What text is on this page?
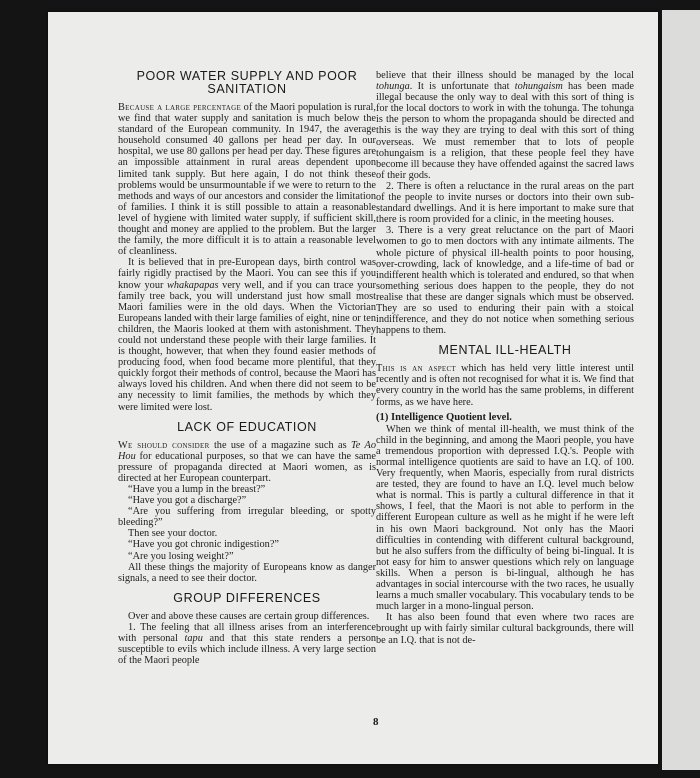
POOR WATER SUPPLY AND POOR SANITATION

Because a large percentage of the Maori population is rural, we find that water supply and sanitation is much below the standard of the European community. In 1947, the average household consumed 40 gallons per head per day. In our hospital, we use 80 gallons per head per day. These figures are an impossible attainment in rural areas dependent upon limited tank supply. But here again, I do not think these problems would be unsurmountable if we were to return to the methods and ways of our ancestors and consider the limitation of families. I think it is still possible to attain a reasonable level of hygiene with limited water supply, if sufficient skill, thought and money are applied to the problem. But the larger the family, the more difficult it is to attain a reasonable level of cleanliness.

It is believed that in pre-European days, birth control was fairly rigidly practised by the Maori. You can see this if you know your whakapapas very well, and if you can trace your family tree back, you will understand just how small most Maori families were in the old days. When the Victorian Europeans landed with their large families of eight, nine or ten children, the Maoris looked at them with astonishment. They could not understand these people with their large families. It is thought, however, that when they found easier methods of producing food, when food became more plentiful, that they quickly forgot their methods of control, because the Maori has always loved his children. And when there did not seem to be any necessity to limit families, the methods by which they were limited were lost.

LACK OF EDUCATION

We should consider the use of a magazine such as Te Ao Hou for educational purposes, so that we can have the same pressure of propaganda directed at Maori women, as is directed at her European counterpart.

“Have you a lump in the breast?”

“Have you got a discharge?”

“Are you suffering from irregular bleeding, or spotty bleeding?”

Then see your doctor.

“Have you got chronic indigestion?”

“Are you losing weight?”

All these things the majority of Europeans know as danger signals, a need to see their doctor.

GROUP DIFFERENCES

Over and above these causes are certain group differences.

1. The feeling that all illness arises from an interference with personal tapu and that this state renders a person susceptible to evils which include illness. A very large section of the Maori people

believe that their illness should be managed by the local tohunga. It is unfortunate that tohungaism has been made illegal because the only way to deal with this sort of thing is for the local doctors to work in with the tohunga. The tohunga is the person to whom the propaganda should be directed and this is the way they are trying to deal with this sort of thing overseas. We must remember that to lots of people tohungaism is a religion, that these people feel they have become ill because they have offended against the sacred laws of their gods.

2. There is often a reluctance in the rural areas on the part of the people to invite nurses or doctors into their own sub-standard dwellings. And it is here important to make sure that there is room provided for a clinic, in the meeting houses.

3. There is a very great reluctance on the part of Maori women to go to men doctors with any intimate ailments. The whole picture of physical ill-health points to poor housing, over-crowding, lack of knowledge, and a life-time of bad or indifferent health which is tolerated and endured, so that when something serious does happen to the people, they do not realise that these are danger signals which must be observed. They are so used to enduring their pain with a stoical indifference, and they do not notice when something serious happens to them.

MENTAL ILL-HEALTH

This is an aspect which has held very little interest until recently and is often not recognised for what it is. We find that every country in the world has the same problems, in different forms, as we have here.

(1) Intelligence Quotient level.

When we think of mental ill-health, we must think of the child in the beginning, and among the Maori people, you have a tremendous proportion with depressed I.Q.'s. People with normal intelligence quotients are said to have an I.Q. of 100. Very frequently, when Maoris, especially from rural districts are tested, they are found to have an I.Q. level much below what is normal. This is partly a cultural difference in that it shows, I feel, that the Maori is not able to perform in the different European culture as well as he might if he were left in his own Maori background. Not only has the Maori difficulties in contending with different cultural background, but he also suffers from the difficulty of being bi-lingual. It is not easy for him to answer questions which rely on language skills. When a person is bi-lingual, although he has advantages in social intercourse with the two races, he usually learns a much smaller vocabulary. This vocabulary tends to be much larger in a mono-lingual person.

It has also been found that even where two races are brought up with fairly similar cultural backgrounds, there will be an I.Q. that is not de-

8
